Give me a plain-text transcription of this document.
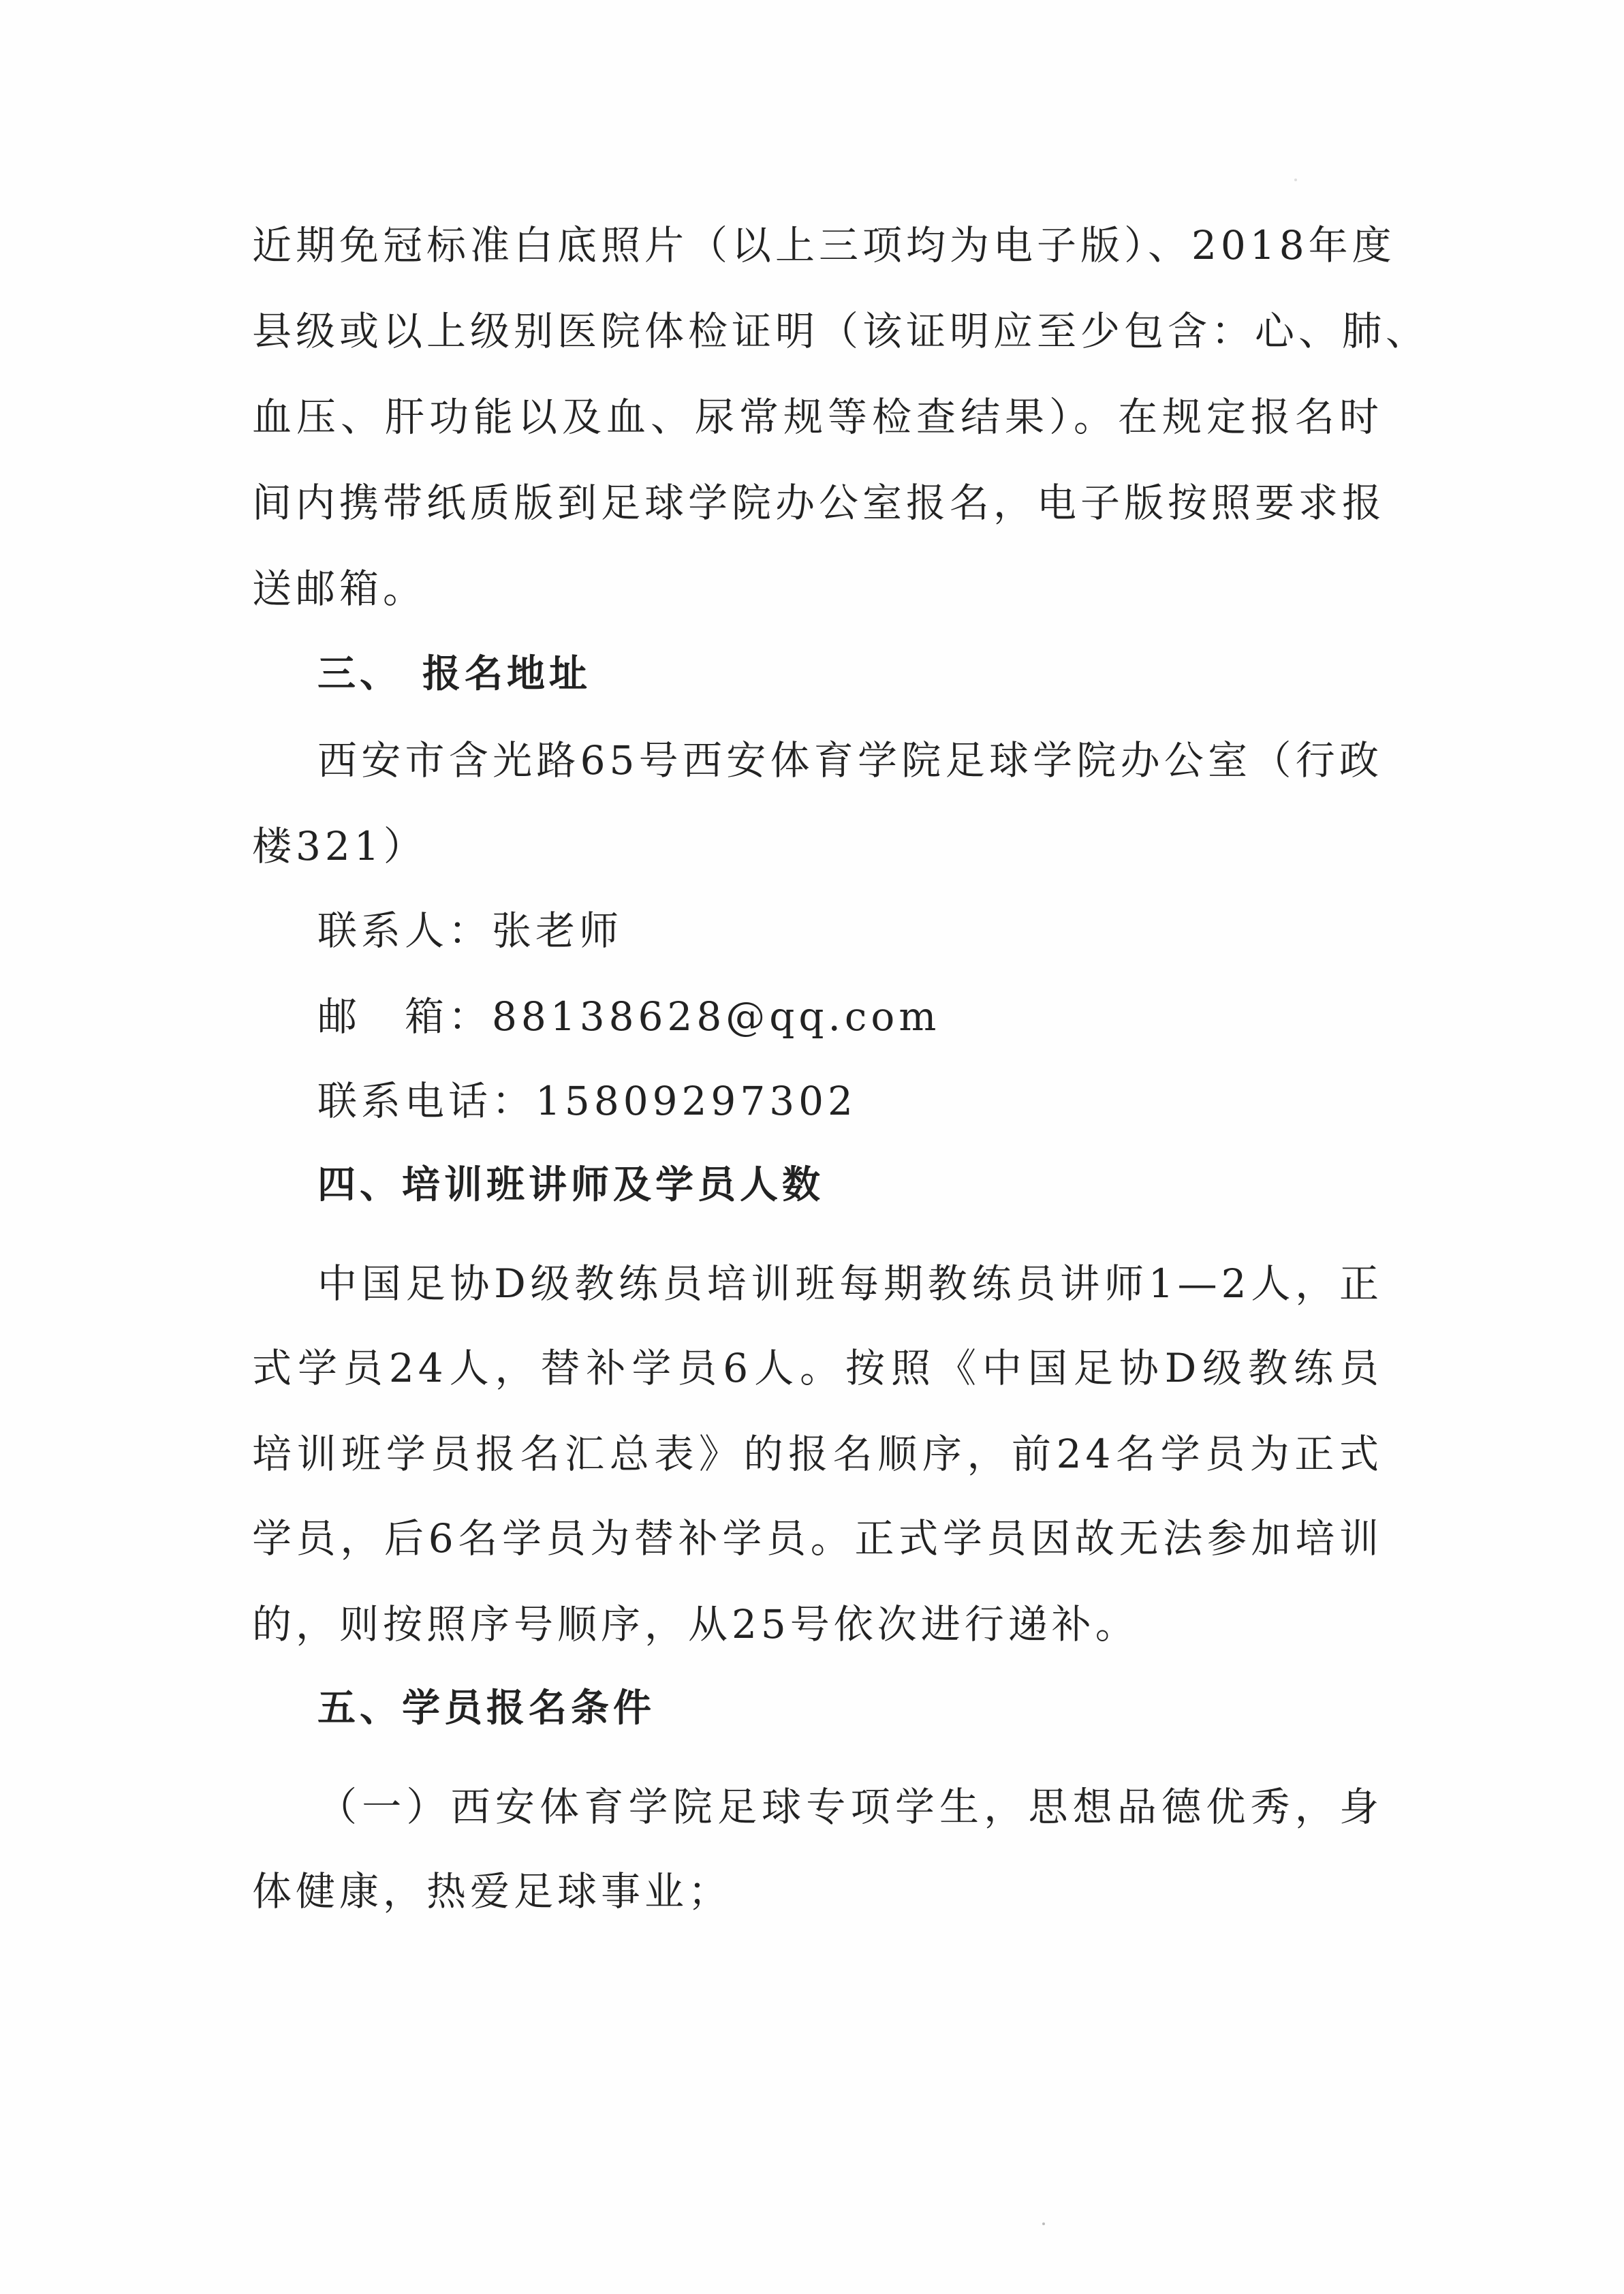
近期免冠标准白底照片（以上三项均为电子版）、2018年度
县级或以上级别医院体检证明（该证明应至少包含：心、肺、
血压、肝功能以及血、尿常规等检查结果）。在规定报名时
间内携带纸质版到足球学院办公室报名，电子版按照要求报
送邮箱。
三、 报名地址
西安市含光路65号西安体育学院足球学院办公室（行政
楼321）
联系人：张老师
邮　箱：88138628@qq.com
联系电话：15809297302
四、培训班讲师及学员人数
中国足协D级教练员培训班每期教练员讲师1—2人，正
式学员24人，替补学员6人。按照《中国足协D级教练员
培训班学员报名汇总表》的报名顺序，前24名学员为正式
学员，后6名学员为替补学员。正式学员因故无法参加培训
的，则按照序号顺序，从25号依次进行递补。
五、学员报名条件
（一）西安体育学院足球专项学生，思想品德优秀，身
体健康，热爱足球事业；
